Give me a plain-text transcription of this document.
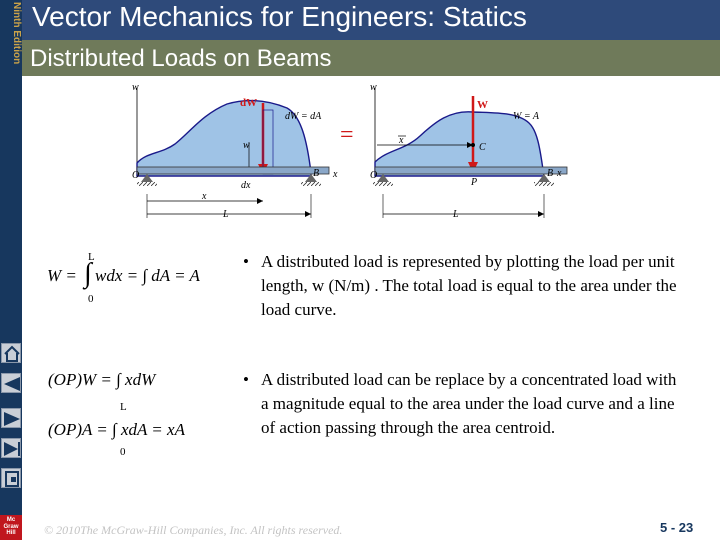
Ninth Edition
Mc
Graw
Hill
Vector Mechanics for Engineers: Statics
Distributed Loads on Beams
w
dW
dW = dA
w
O	B x
dx
x
L
=
w
W
W = A
x
C
O
P
B x
L
L
W = ∫ wdx = ∫ dA = A
0
(OP)W = ∫ xdW
L
(OP)A = ∫ xdA = xA
0
• A distributed load is represented by plotting the load per unit length, w (N/m) . The total load is equal to the area under the load curve.
• A distributed load can be replace by a concentrated load with a magnitude equal to the area under the load curve and a line of action passing through the area centroid.
© 2010The McGraw-Hill Companies, Inc. All rights reserved.	5 - 23
